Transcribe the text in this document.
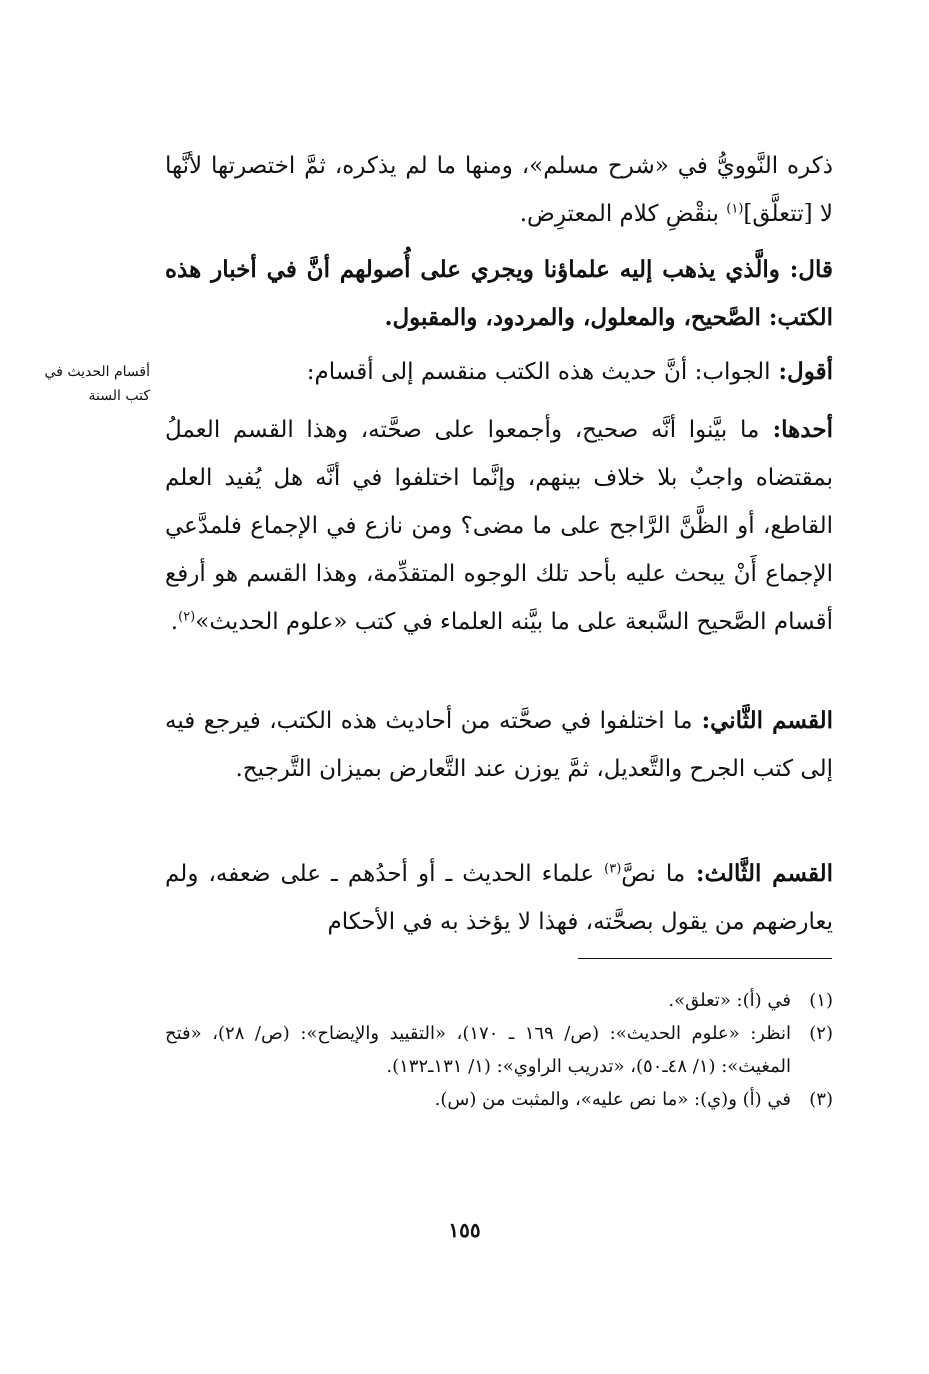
ذكره النَّوويُّ في «شرح مسلم»، ومنها ما لم يذكره، ثمَّ اختصرتها لأنَّها لا [تتعلَّق]$^{(١)}$ بنقْضِ كلام المعترِض.

قال: والَّذي يذهب إليه علماؤنا ويجري على أُصولهم أنَّ في أخبار هذه الكتب: الصَّحيح، والمعلول، والمردود، والمقبول.

أقول: الجواب: أنَّ حديث هذه الكتب منقسم إلى أقسام:

أحدها: ما بيَّنوا أنَّه صحيح، وأجمعوا على صحَّته، وهذا القسم العملُ بمقتضاه واجبٌ بلا خلاف بينهم، وإنَّما اختلفوا في أنَّه هل يُفيد العلم القاطع، أو الظَّنَّ الرَّاجح على ما مضى؟ ومن نازع في الإجماع فلمدَّعي الإجماع أَنْ يبحث عليه بأحد تلك الوجوه المتقدِّمة، وهذا القسم هو أرفع أقسام الصَّحيح السَّبعة على ما بيَّنه العلماء في كتب «علوم الحديث»$^{(٢)}$.

القسم الثَّاني: ما اختلفوا في صحَّته من أحاديث هذه الكتب، فيرجع فيه إلى كتب الجرح والتَّعديل، ثمَّ يوزن عند التَّعارض بميزان التَّرجيح.

القسم الثَّالث: ما نصَّ$^{(٣)}$ علماء الحديث ـ أو أحدُهم ـ على ضعفه، ولم يعارضهم من يقول بصحَّته، فهذا لا يؤخذ به في الأحكام

أقسام الحديث في كتب السنة
(١)
في (أ): «تعلق».
(٢)
انظر: «علوم الحديث»: (ص/ ١٦٩ ـ ١٧٠)، «التقييد والإيضاح»: (ص/ ٢٨)، «فتح المغيث»: (١/ ٤٨ـ٥٠)، «تدريب الراوي»: (١/ ١٣١ـ١٣٢).
(٣)
في (أ) و(ي): «ما نص عليه»، والمثبت من (س).
١٥٥
